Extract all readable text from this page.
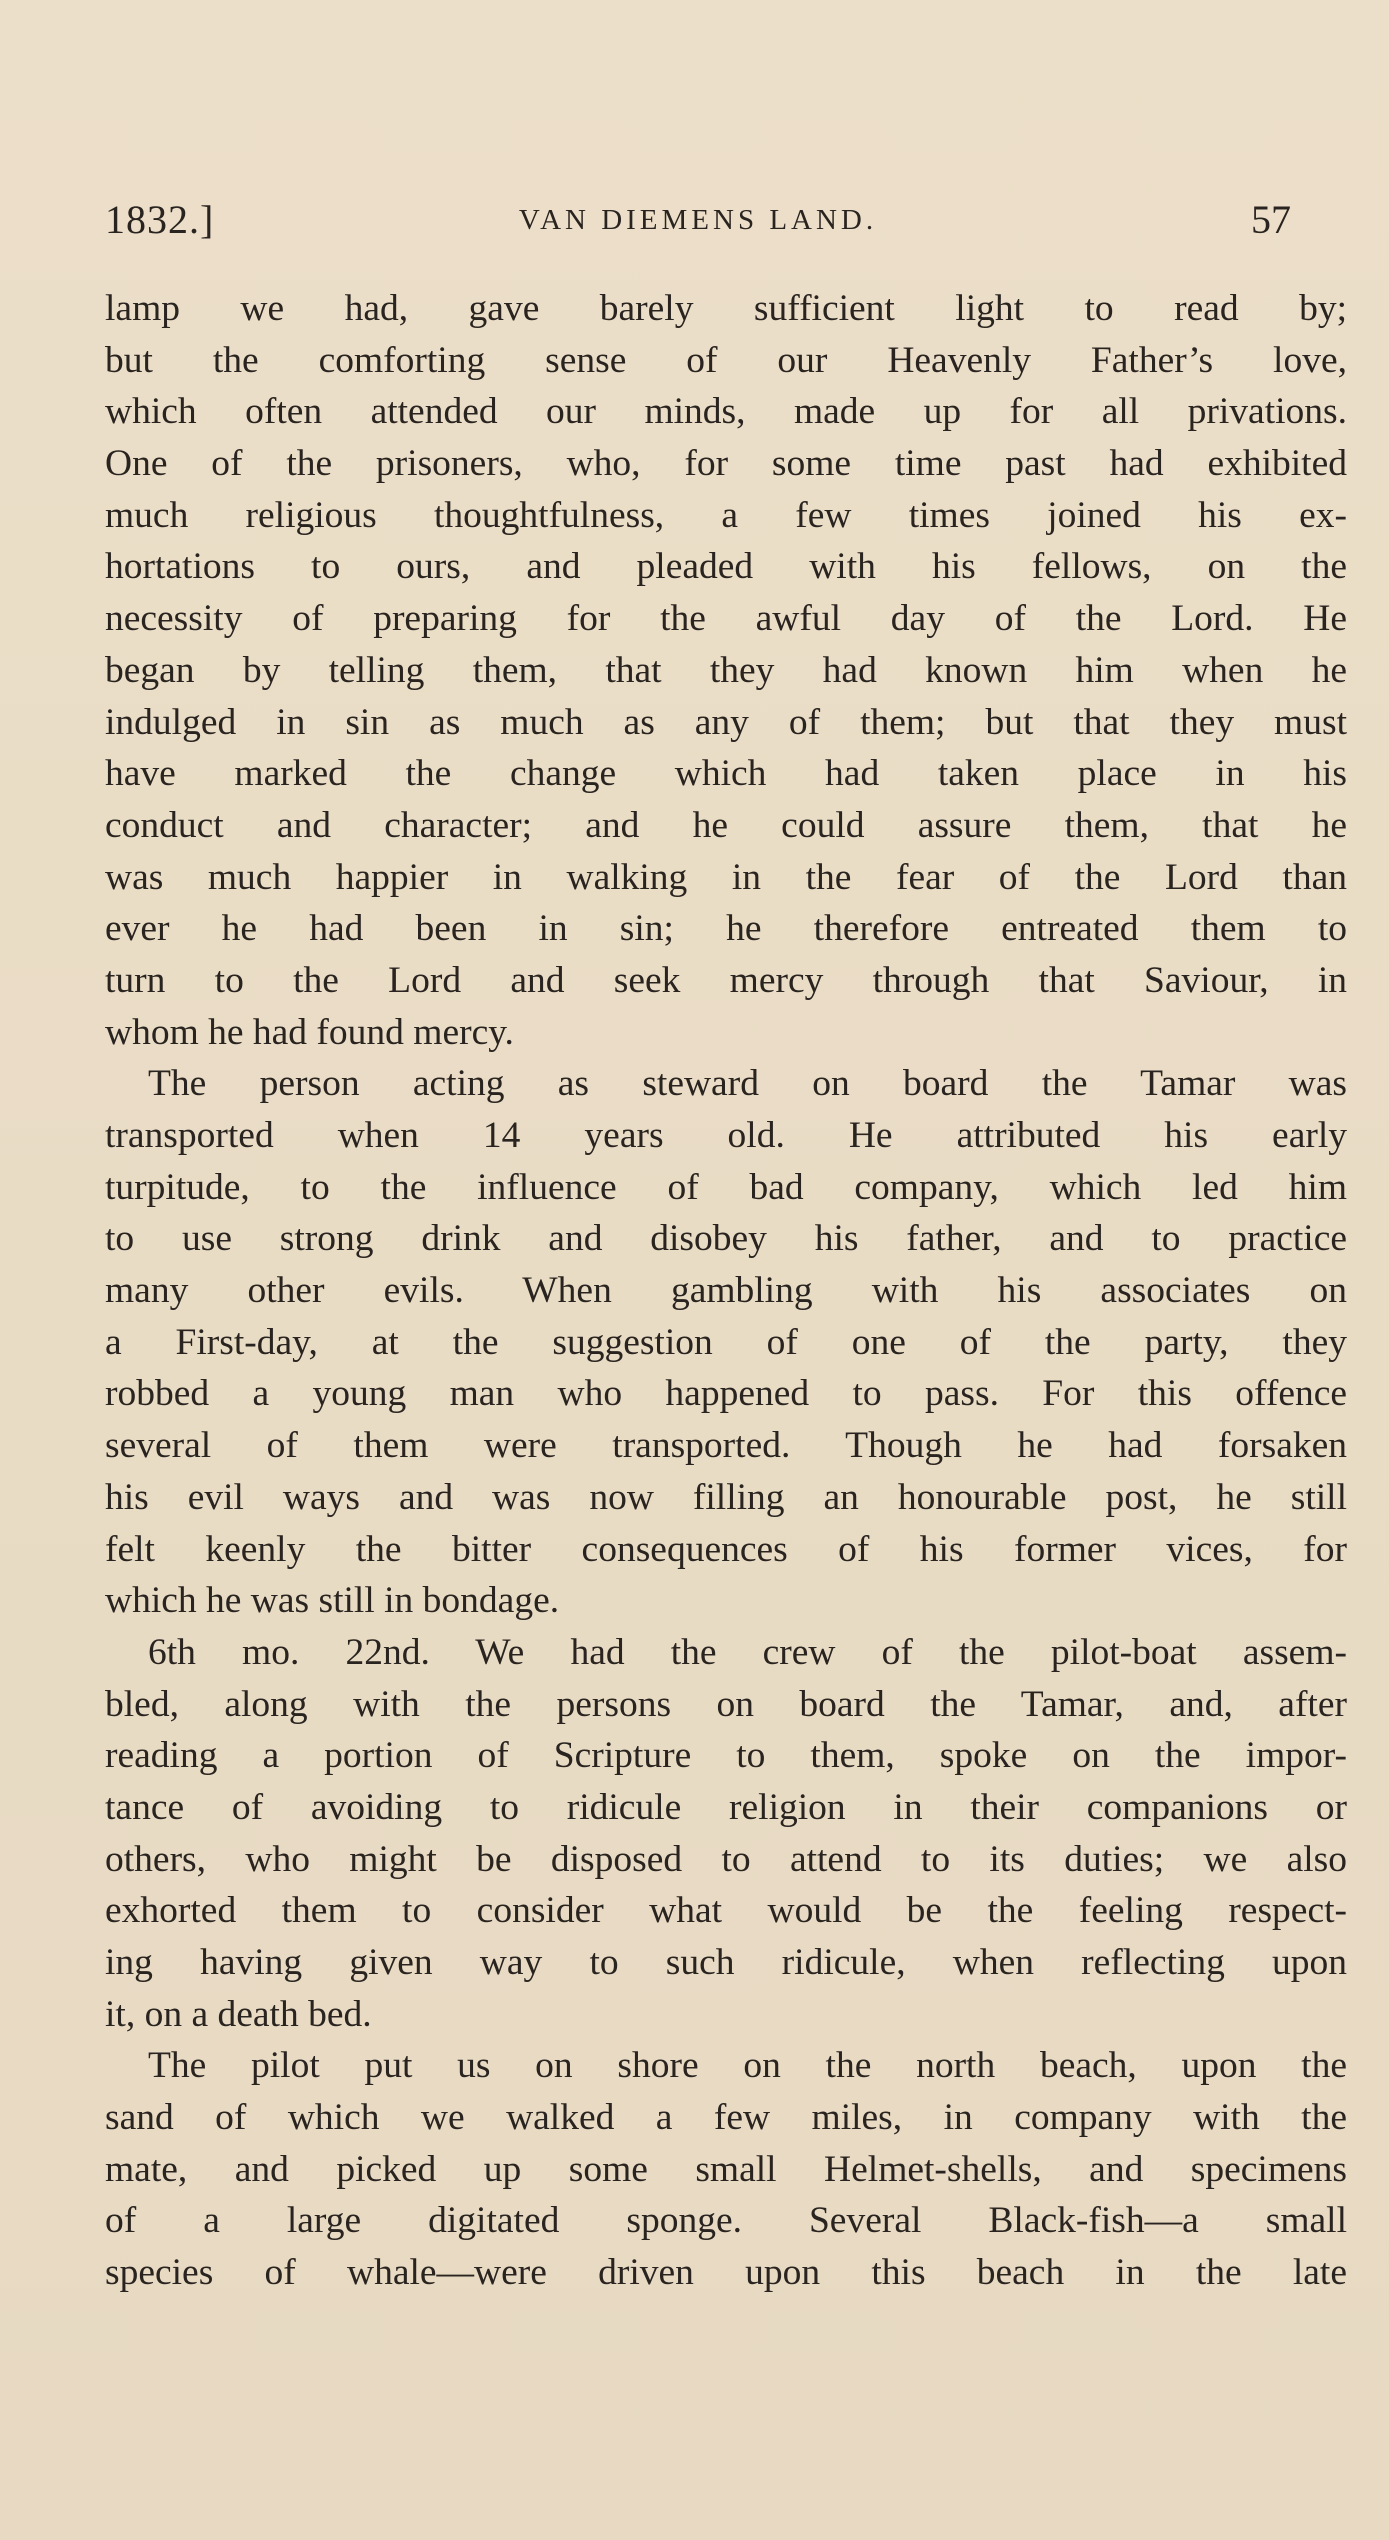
1832.]	VAN DIEMENS LAND.	57
lamp we had, gave barely sufficient light to read by;
but the comforting sense of our Heavenly Father’s love,
which often attended our minds, made up for all privations.
One of the prisoners, who, for some time past had exhibited
much religious thoughtfulness, a few times joined his ex-
hortations to ours, and pleaded with his fellows, on the
necessity of preparing for the awful day of the Lord. He
began by telling them, that they had known him when he
indulged in sin as much as any of them; but that they must
have marked the change which had taken place in his
conduct and character; and he could assure them, that he
was much happier in walking in the fear of the Lord than
ever he had been in sin; he therefore entreated them to
turn to the Lord and seek mercy through that Saviour, in
whom he had found mercy.
The person acting as steward on board the Tamar was
transported when 14 years old. He attributed his early
turpitude, to the influence of bad company, which led him
to use strong drink and disobey his father, and to practice
many other evils. When gambling with his associates on
a First-day, at the suggestion of one of the party, they
robbed a young man who happened to pass. For this offence
several of them were transported. Though he had forsaken
his evil ways and was now filling an honourable post, he still
felt keenly the bitter consequences of his former vices, for
which he was still in bondage.
6th mo. 22nd. We had the crew of the pilot-boat assem-
bled, along with the persons on board the Tamar, and, after
reading a portion of Scripture to them, spoke on the impor-
tance of avoiding to ridicule religion in their companions or
others, who might be disposed to attend to its duties; we also
exhorted them to consider what would be the feeling respect-
ing having given way to such ridicule, when reflecting upon
it, on a death bed.
The pilot put us on shore on the north beach, upon the
sand of which we walked a few miles, in company with the
mate, and picked up some small Helmet-shells, and specimens
of a large digitated sponge. Several Black-fish—a small
species of whale—were driven upon this beach in the late
